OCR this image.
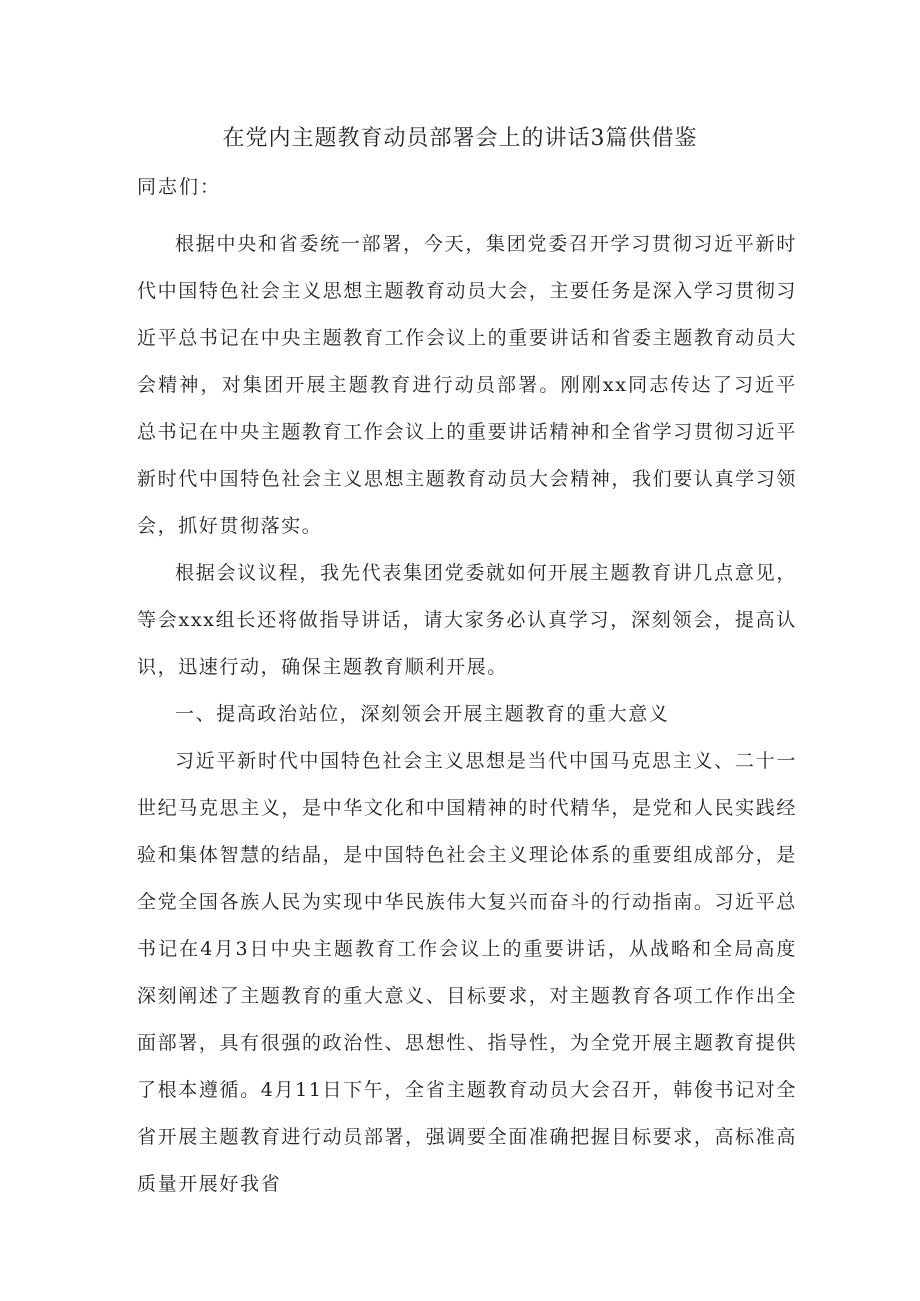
在党内主题教育动员部署会上的讲话3篇供借鉴

同志们：

根据中央和省委统一部署，今天，集团党委召开学习贯彻习近平新时代中国特色社会主义思想主题教育动员大会，主要任务是深入学习贯彻习近平总书记在中央主题教育工作会议上的重要讲话和省委主题教育动员大会精神，对集团开展主题教育进行动员部署。刚刚xx同志传达了习近平总书记在中央主题教育工作会议上的重要讲话精神和全省学习贯彻习近平新时代中国特色社会主义思想主题教育动员大会精神，我们要认真学习领会，抓好贯彻落实。

根据会议议程，我先代表集团党委就如何开展主题教育讲几点意见，等会xxx组长还将做指导讲话，请大家务必认真学习，深刻领会，提高认识，迅速行动，确保主题教育顺利开展。

一、提高政治站位，深刻领会开展主题教育的重大意义

习近平新时代中国特色社会主义思想是当代中国马克思主义、二十一世纪马克思主义，是中华文化和中国精神的时代精华，是党和人民实践经验和集体智慧的结晶，是中国特色社会主义理论体系的重要组成部分，是全党全国各族人民为实现中华民族伟大复兴而奋斗的行动指南。习近平总书记在4月3日中央主题教育工作会议上的重要讲话，从战略和全局高度深刻阐述了主题教育的重大意义、目标要求，对主题教育各项工作作出全面部署，具有很强的政治性、思想性、指导性，为全党开展主题教育提供了根本遵循。4月11日下午，全省主题教育动员大会召开，韩俊书记对全省开展主题教育进行动员部署，强调要全面准确把握目标要求，高标准高质量开展好我省
